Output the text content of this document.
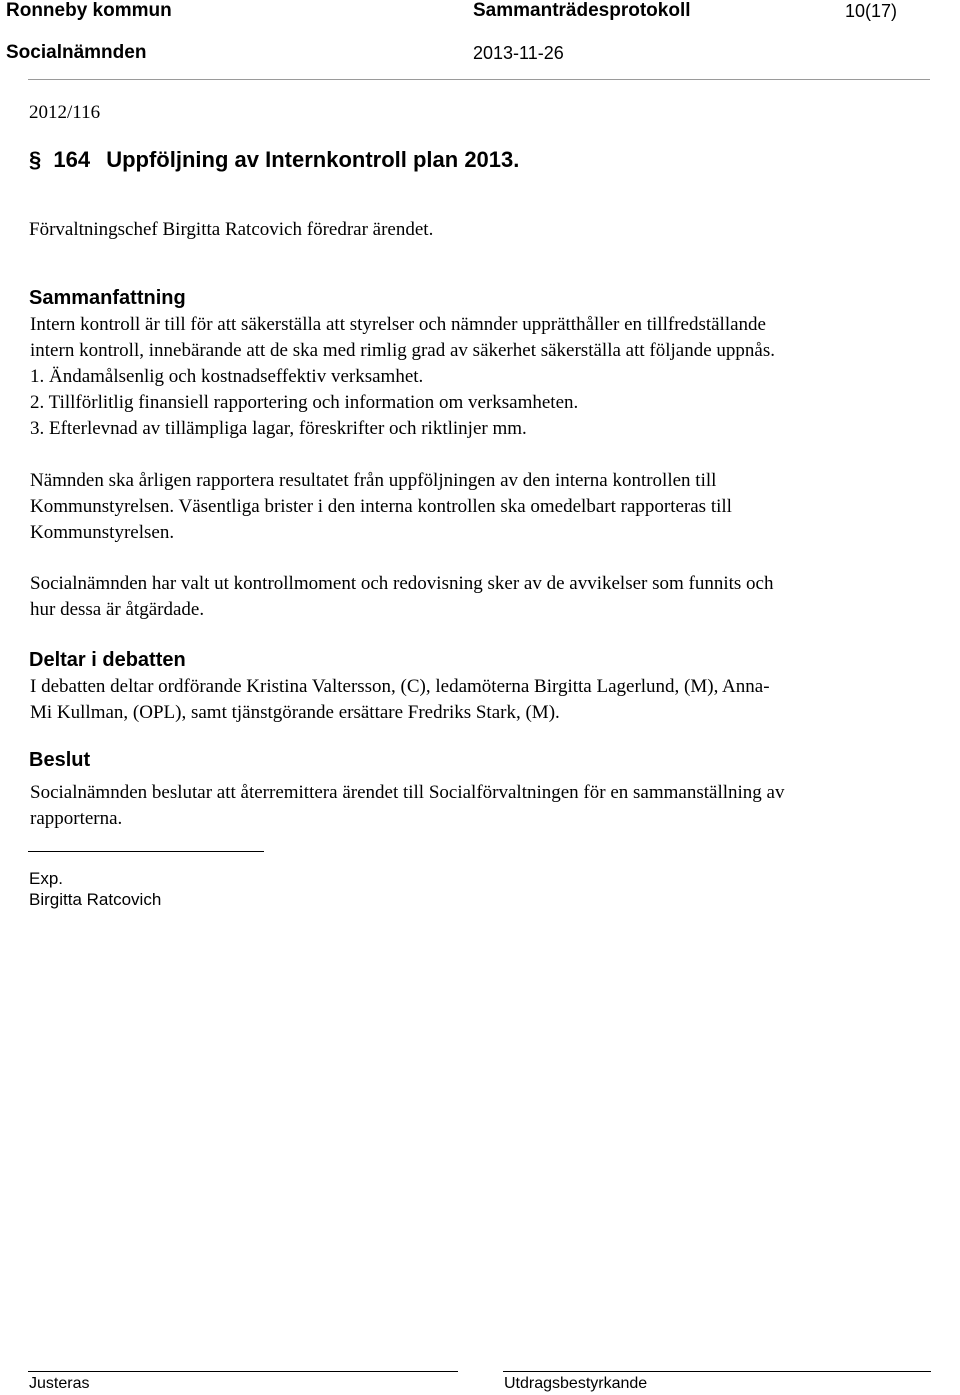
Ronneby kommun	Sammanträdesprotokoll	10(17)
Socialnämnden	2013-11-26
2012/116
§ 164 Uppföljning av Internkontroll plan 2013.
Förvaltningschef Birgitta Ratcovich föredrar ärendet.
Sammanfattning

Intern kontroll är till för att säkerställa att styrelser och nämnder upprätthåller en tillfredställande

intern kontroll, innebärande att de ska med rimlig grad av säkerhet säkerställa att följande uppnås.

1. Ändamålsenlig och kostnadseffektiv verksamhet.

2. Tillförlitlig finansiell rapportering och information om verksamheten.

3. Efterlevnad av tillämpliga lagar, föreskrifter och riktlinjer mm.

Nämnden ska årligen rapportera resultatet från uppföljningen av den interna kontrollen till

Kommunstyrelsen. Väsentliga brister i den interna kontrollen ska omedelbart rapporteras till

Kommunstyrelsen.

Socialnämnden har valt ut kontrollmoment och redovisning sker av de avvikelser som funnits och

hur dessa är åtgärdade.

Deltar i debatten

I debatten deltar ordförande Kristina Valtersson, (C), ledamöterna Birgitta Lagerlund, (M), Anna-

Mi Kullman, (OPL), samt tjänstgörande ersättare Fredriks Stark, (M).

Beslut

Socialnämnden beslutar att återremittera ärendet till Socialförvaltningen för en sammanställning av

rapporterna.

Exp.
Birgitta Ratcovich
Justeras	Utdragsbestyrkande
